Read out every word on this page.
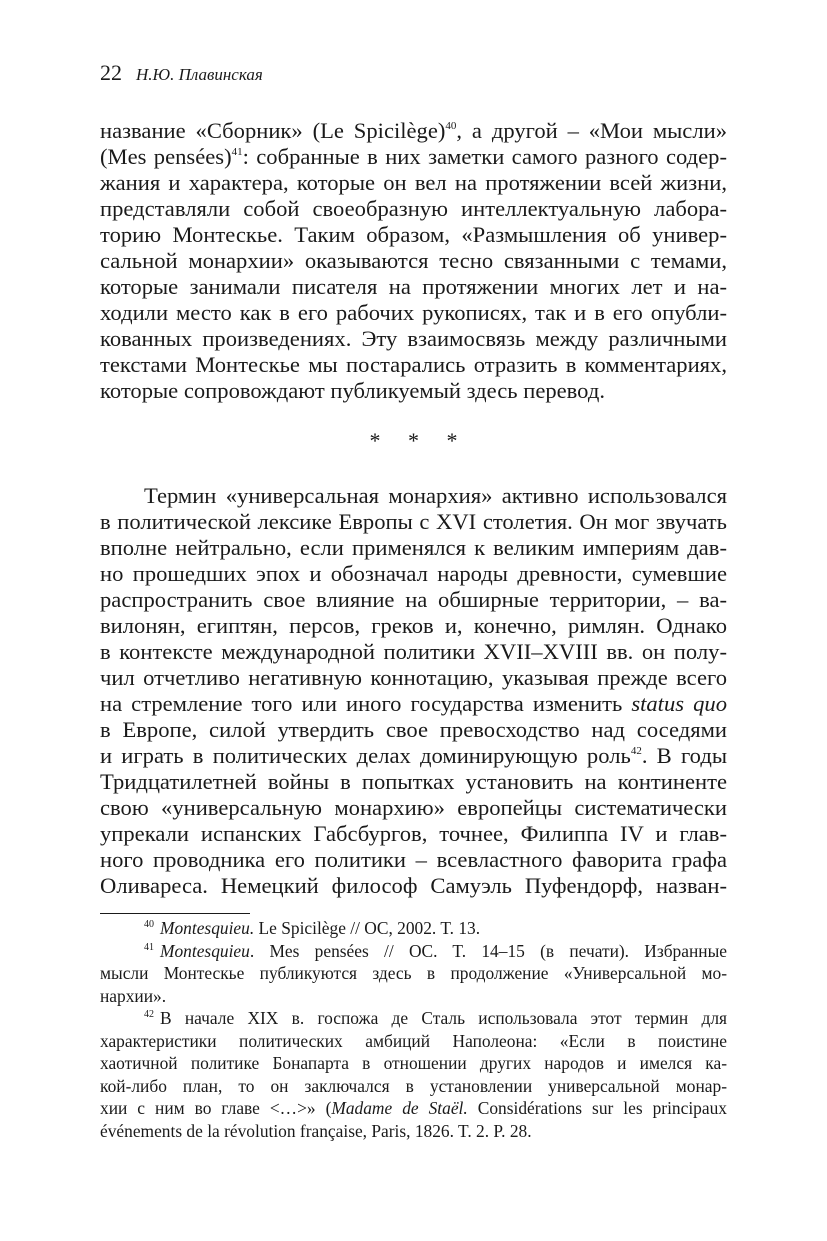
22 Н.Ю. Плавинская
название «Сборник» (Le Spicilège)$^{40}$, а другой – «Мои мысли»
(Mes pensées)$^{41}$: собранные в них заметки самого разного содер-
жания и характера, которые он вел на протяжении всей жизни,
представляли собой своеобразную интеллектуальную лабора-
торию Монтескье. Таким образом, «Размышления об универ-
сальной монархии» оказываются тесно связанными с темами,
которые занимали писателя на протяжении многих лет и на-
ходили место как в его рабочих рукописях, так и в его опубли-
кованных произведениях. Эту взаимосвязь между различными
текстами Монтескье мы постарались отразить в комментариях,
которые сопровождают публикуемый здесь перевод.
* * *
Термин «универсальная монархия» активно использовался
в политической лексике Европы с XVI столетия. Он мог звучать
вполне нейтрально, если применялся к великим империям дав-
но прошедших эпох и обозначал народы древности, сумевшие
распространить свое влияние на обширные территории, – ва-
вилонян, египтян, персов, греков и, конечно, римлян. Однако
в контексте международной политики XVII–XVIII вв. он полу-
чил отчетливо негативную коннотацию, указывая прежде всего
на стремление того или иного государства изменить status quo
в Европе, силой утвердить свое превосходство над соседями
и играть в политических делах доминирующую роль$^{42}$. В годы
Тридцатилетней войны в попытках установить на континенте
свою «универсальную монархию» европейцы систематически
упрекали испанских Габсбургов, точнее, Филиппа IV и глав-
ного проводника его политики – всевластного фаворита графа
Оливареса. Немецкий философ Самуэль Пуфендорф, назван-
$^{40}$ Montesquieu. Le Spicilège // OC, 2002. T. 13.
$^{41}$ Montesquieu. Mes pensées // OC. T. 14–15 (в печати). Избранные
мысли Монтескье публикуются здесь в продолжение «Универсальной мо-
нархии».
$^{42}$ В начале XIX в. госпожа де Сталь использовала этот термин для
характеристики политических амбиций Наполеона: «Если в поистине
хаотичной политике Бонапарта в отношении других народов и имелся ка-
кой-либо план, то он заключался в установлении универсальной монар-
хии с ним во главе <…>» (Madame de Staël. Considérations sur les principaux
événements de la révolution française, Paris, 1826. T. 2. P. 28.
